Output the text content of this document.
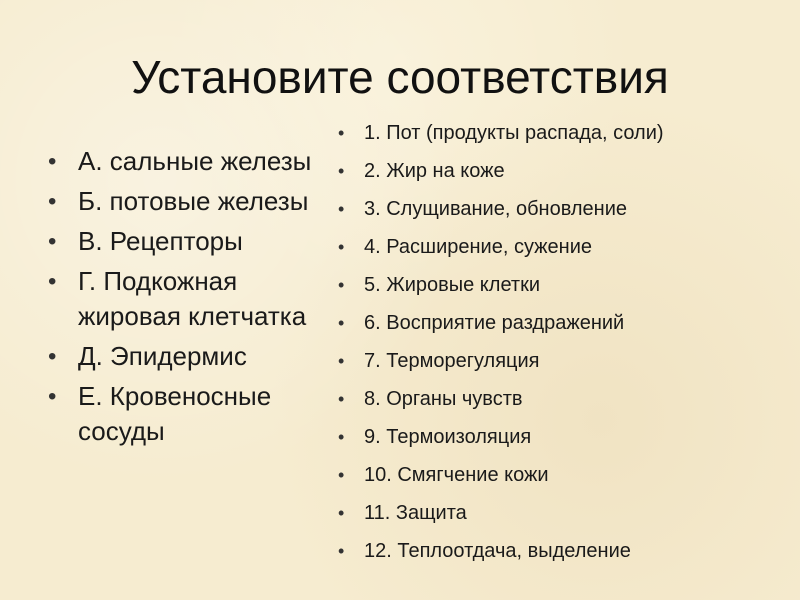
Установите соответствия
• А. сальные железы
• Б. потовые железы
• В. Рецепторы
• Г. Подкожная жировая клетчатка
• Д. Эпидермис
• Е. Кровеносные сосуды
• 1. Пот (продукты распада, соли)
• 2. Жир на коже
• 3. Слущивание, обновление
• 4. Расширение, сужение
• 5. Жировые клетки
• 6. Восприятие раздражений
• 7. Терморегуляция
• 8. Органы чувств
• 9. Термоизоляция
• 10. Смягчение кожи
• 11. Защита
• 12. Теплоотдача, выделение
